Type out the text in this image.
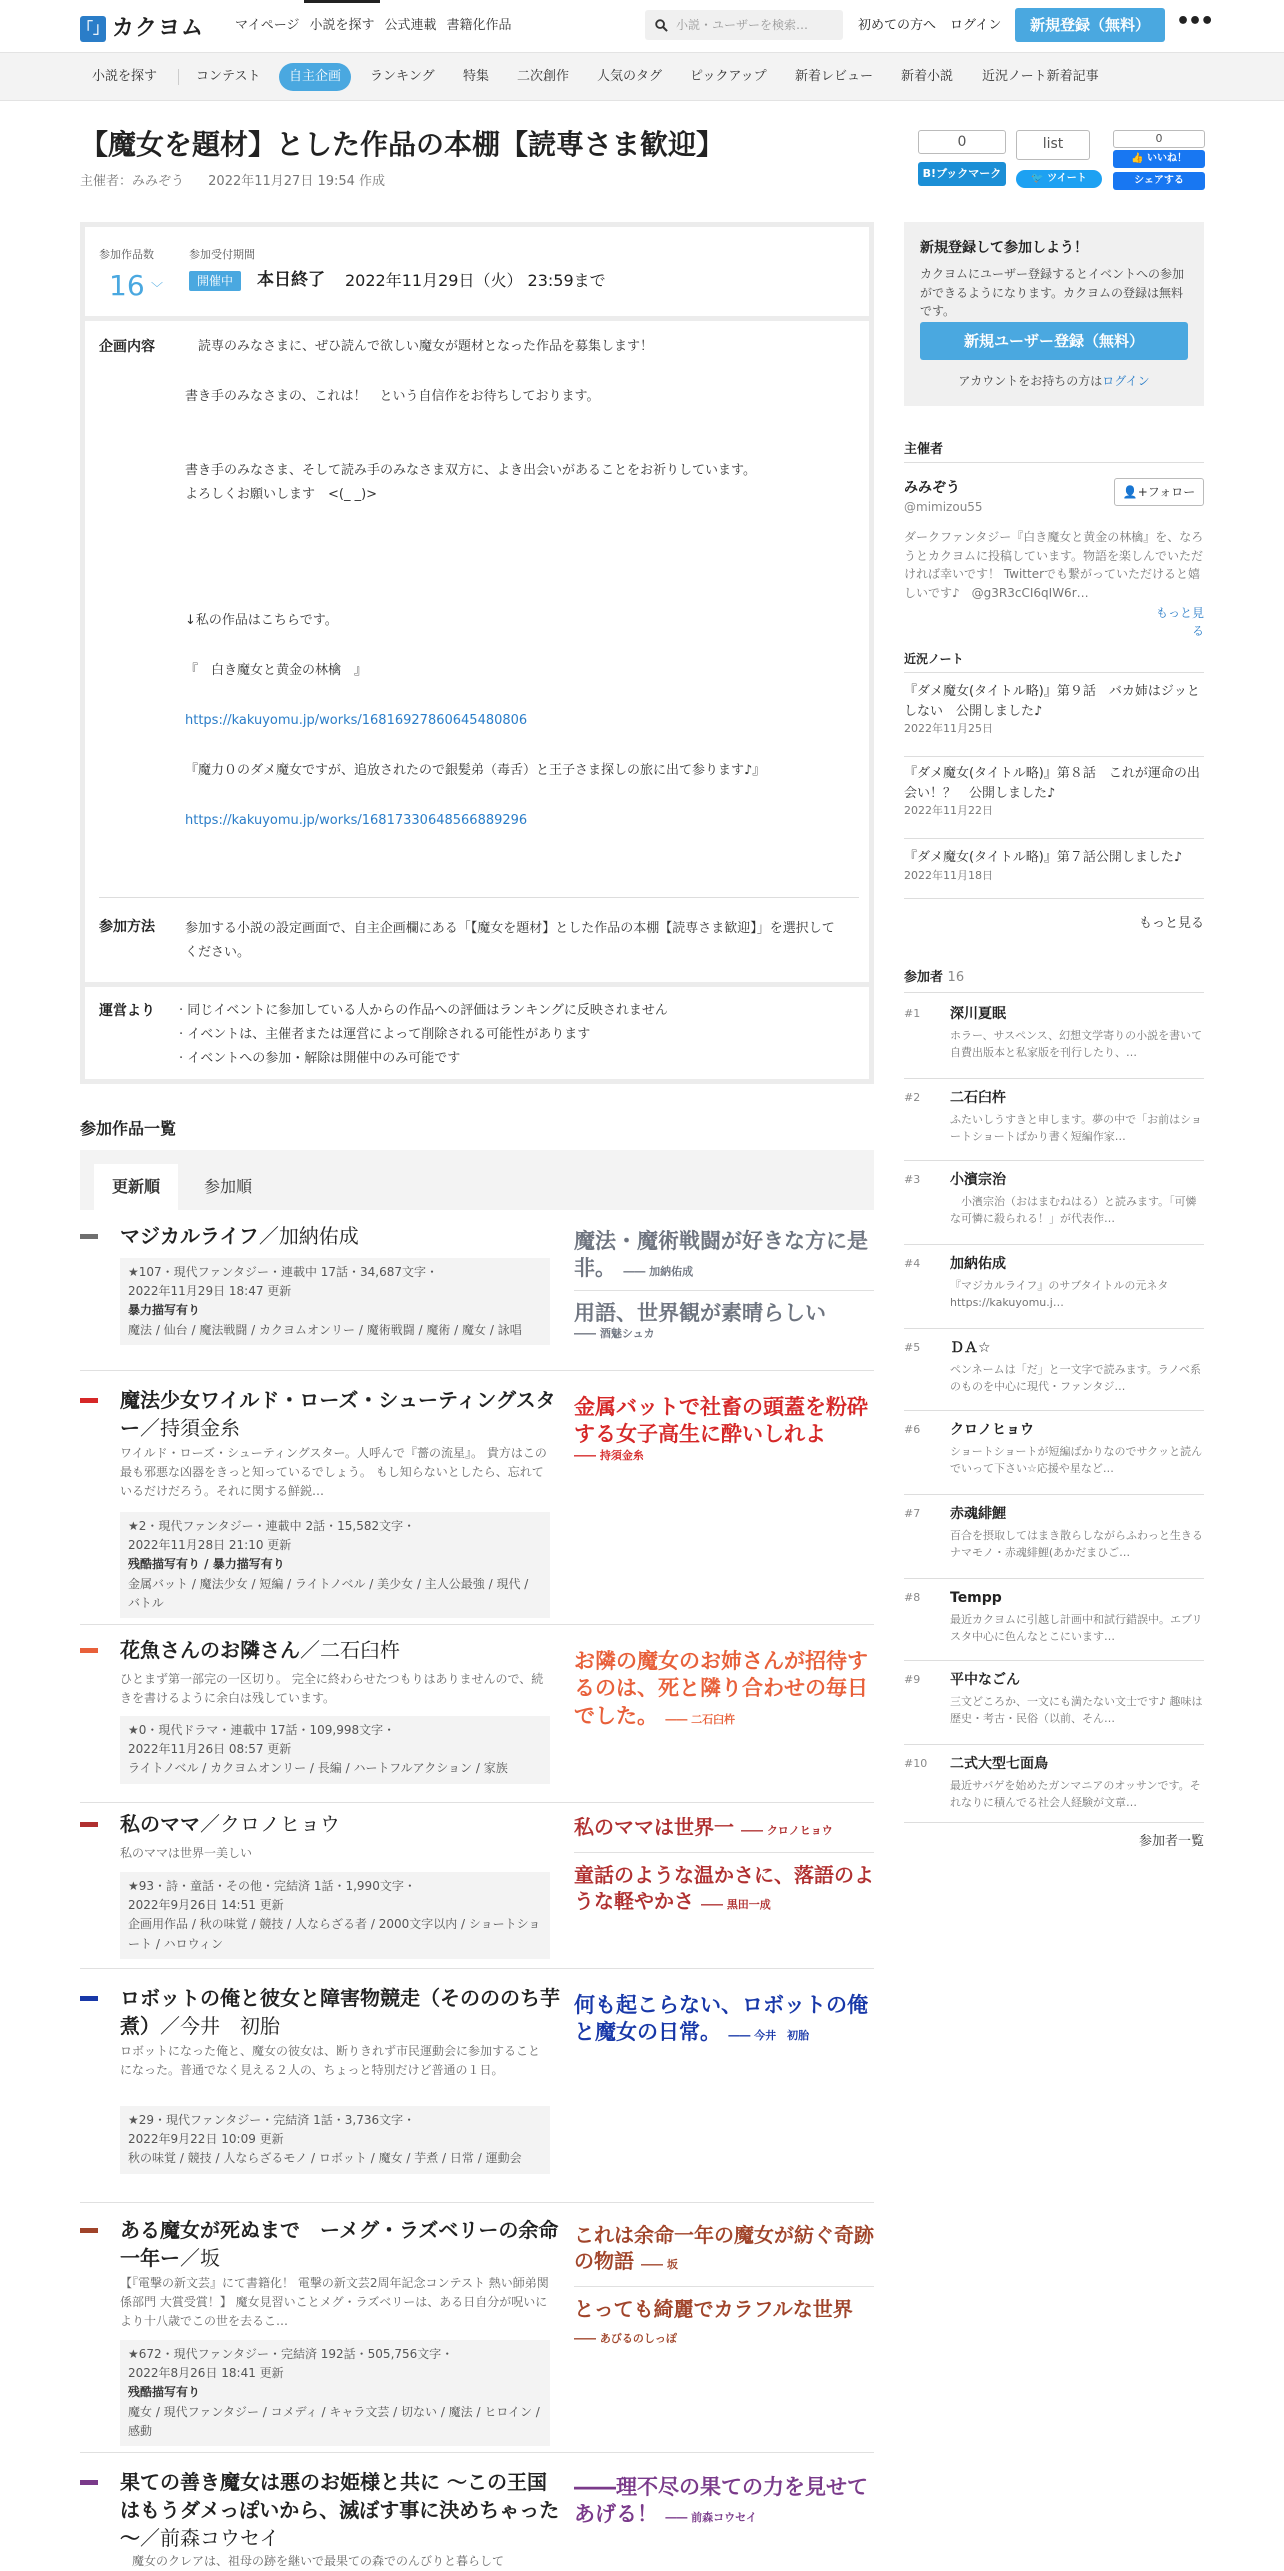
「」 カクヨム	マイページ 小説を探す 公式連載 書籍化作品	小説・ユーザーを検索…	初めての方へ ログイン	新規登録（無料）	•••
小説を探す	コンテスト	自主企画	ランキング	特集	二次創作	人気のタグ	ピックアップ	新着レビュー	新着小説	近況ノート新着記事
【魔女を題材】とした作品の本棚【読専さま歓迎】
主催者：みみぞう 2022年11月27日 19:54 作成
参加作品数
16 ﹀
参加受付期間
開催中	本日終了 2022年11月29日（火） 23:59まで
企画内容 　読専のみなさまに、ぜひ読んで欲しい魔女が題材となった作品を募集します！
書き手のみなさまの、これは！　という自信作をお待ちしております。
書き手のみなさま、そして読み手のみなさま双方に、よき出会いがあることをお祈りしています。
よろしくお願いします　<(_ _)>
↓私の作品はこちらです。
『　白き魔女と黄金の林檎　』
https://kakuyomu.jp/works/16816927860645480806
『魔力０のダメ魔女ですが、追放されたので銀髪弟（毒舌）と王子さま探しの旅に出て参ります♪』
https://kakuyomu.jp/works/16817330648566889296
参加方法 参加する小説の設定画面で、自主企画欄にある「【魔女を題材】とした作品の本棚【読専さま歓迎】」を選択してください。
運営より · 同じイベントに参加している人からの作品への評価はランキングに反映されません
· イベントは、主催者または運営によって削除される可能性があります
· イベントへの参加・解除は開催中のみ可能です
参加作品一覧
更新順	参加順
マジカルライフ／加納佑成
★107・現代ファンタジー・連載中 17話・34,687文字・
2022年11月29日 18:47 更新
暴力描写有り
魔法 / 仙台 / 魔法戦闘 / カクヨムオンリー / 魔術戦闘 / 魔術 / 魔女 / 詠唱
魔法・魔術戦闘が好きな方に是非。 ―― 加納佑成
用語、世界観が素晴らしい
―― 酒魅シュカ
魔法少女ワイルド・ローズ・シューティングスター／持須金糸
ワイルド・ローズ・シューティングスター。人呼んで『薔の流星』。 貴方はこの最も邪悪な凶器をきっと知っているでしょう。 もし知らないとしたら、忘れているだけだろう。それに関する鮮鋭…
★2・現代ファンタジー・連載中 2話・15,582文字・
2022年11月28日 21:10 更新
残酷描写有り / 暴力描写有り
金属バット / 魔法少女 / 短編 / ライトノベル / 美少女 / 主人公最強 / 現代 / バトル
金属バットで社畜の頭蓋を粉砕する女子高生に酔いしれよ
―― 持須金糸
花魚さんのお隣さん／二石臼杵
ひとまず第一部完の一区切り。 完全に終わらせたつもりはありませんので、続きを書けるように余白は残しています。
★0・現代ドラマ・連載中 17話・109,998文字・
2022年11月26日 08:57 更新
ライトノベル / カクヨムオンリー / 長編 / ハートフルアクション / 家族
お隣の魔女のお姉さんが招待するのは、死と隣り合わせの毎日でした。 ―― 二石臼杵
私のママ／クロノヒョウ
私のママは世界一美しい
★93・詩・童話・その他・完結済 1話・1,990文字・
2022年9月26日 14:51 更新
企画用作品 / 秋の味覚 / 競技 / 人ならざる者 / 2000文字以内 / ショートショート / ハロウィン
私のママは世界一 ―― クロノヒョウ
童話のような温かさに、落語のような軽やかさ ―― 黒田一成
ロボットの俺と彼女と障害物競走（そのののち芋煮）／今井　初胎
ロボットになった俺と、魔女の彼女は、断りきれず市民運動会に参加することになった。普通でなく見える２人の、ちょっと特別だけど普通の１日。
★29・現代ファンタジー・完結済 1話・3,736文字・
2022年9月22日 10:09 更新
秋の味覚 / 競技 / 人ならざるモノ / ロボット / 魔女 / 芋煮 / 日常 / 運動会
何も起こらない、ロボットの俺と魔女の日常。 ―― 今井　初胎
ある魔女が死ぬまで　ーメグ・ラズベリーの余命一年ー／坂
【『電撃の新文芸』にて書籍化！ 電撃の新文芸2周年記念コンテスト 熱い師弟関係部門 大賞受賞！】 魔女見習いことメグ・ラズベリーは、ある日自分が呪いにより十八歳でこの世を去るこ…
★672・現代ファンタジー・完結済 192話・505,756文字・
2022年8月26日 18:41 更新
残酷描写有り
魔女 / 現代ファンタジー / コメディ / キャラ文芸 / 切ない / 魔法 / ヒロイン / 感動
これは余命一年の魔女が紡ぐ奇跡の物語 ―― 坂
とっても綺麗でカラフルな世界 ―― あびるのしっぽ
果ての善き魔女は悪のお姫様と共に ～この王国はもうダメっぽいから、滅ぼす事に決めちゃった～／前森コウセイ
　魔女のクレアは、祖母の跡を継いで最果ての森でのんびりと暮らして
――理不尽の果ての力を見せてあげる！ ―― 前森コウセイ
0
B!ブックマーク
list
🐦 ツイート
0
👍 いいね！
シェアする
新規登録して参加しよう！
カクヨムにユーザー登録するとイベントへの参加ができるようになります。カクヨムの登録は無料です。
新規ユーザー登録（無料）
アカウントをお持ちの方はログイン
主催者
みみぞう
@mimizou55
👤+フォロー
ダークファンタジー『白き魔女と黄金の林檎』を、なろうとカクヨムに投稿しています。物語を楽しんでいただければ幸いです！ Twitterでも繋がっていただけると嬉しいです♪　@g3R3cCI6qIW6r…
もっと見る
近況ノート
『ダメ魔女(タイトル略)』第９話　バカ姉はジッとしない　公開しました♪
2022年11月25日
『ダメ魔女(タイトル略)』第８話　これが運命の出会い！？　公開しました♪
2022年11月22日
『ダメ魔女(タイトル略)』第７話公開しました♪
2022年11月18日
もっと見る
参加者 16
#1 深川夏眠
ホラー、サスペンス、幻想文学寄りの小説を書いて自費出版本と私家版を刊行したり、…
#2 二石臼杵
ふたいしうすきと申します。夢の中で「お前はショートショートばかり書く短編作家…
#3 小濱宗治
　小濱宗治（おはまむねはる）と読みます。「可憐な可憐に殺られる！」が代表作…
#4 加納佑成
『マジカルライフ』のサブタイトルの元ネタ https://kakuyomu.j…
#5 ＤＡ☆
ペンネームは「だ」と一文字で読みます。ラノベ系のものを中心に現代・ファンタジ…
#6 クロノヒョウ
ショートショートが短編ばかりなのでサクッと読んでいって下さい☆応援や星など…
#7 赤魂緋鯉
百合を摂取してはまき散らしながらふわっと生きるナマモノ・赤魂緋鯉(あかだまひご…
#8 Tempp
最近カクヨムに引越し計画中和試行錯誤中。エブリスタ中心に色んなとこにいます…
#9 平中なごん
三文どころか、一文にも満たない文士です♪ 趣味は歴史・考古・民俗（以前、そん…
#10 二式大型七面鳥
最近サバゲを始めたガンマニアのオッサンです。それなりに積んでる社会人経験が文章…
参加者一覧
